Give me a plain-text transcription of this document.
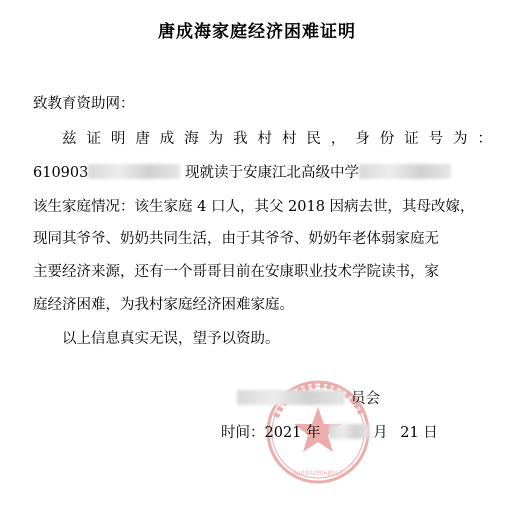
唐成海家庭经济困难证明
致教育资助网：
兹 证 明 唐 成 海 为 我 村 村 民 ， 身 份 证 号 为 ：
610903	现就读于安康江北高级中学
该生家庭情况：该生家庭 4 口人，其父 2018 因病去世，其母改嫁，
现同其爷爷、奶奶共同生活，由于其爷爷、奶奶年老体弱家庭无
主要经济来源，还有一个哥哥目前在安康职业技术学院读书，家
庭经济困难，为我村家庭经济困难家庭。
以上信息真实无误，望予以资助。
6109020068017
员会
时间：2021 年	月 21 日
